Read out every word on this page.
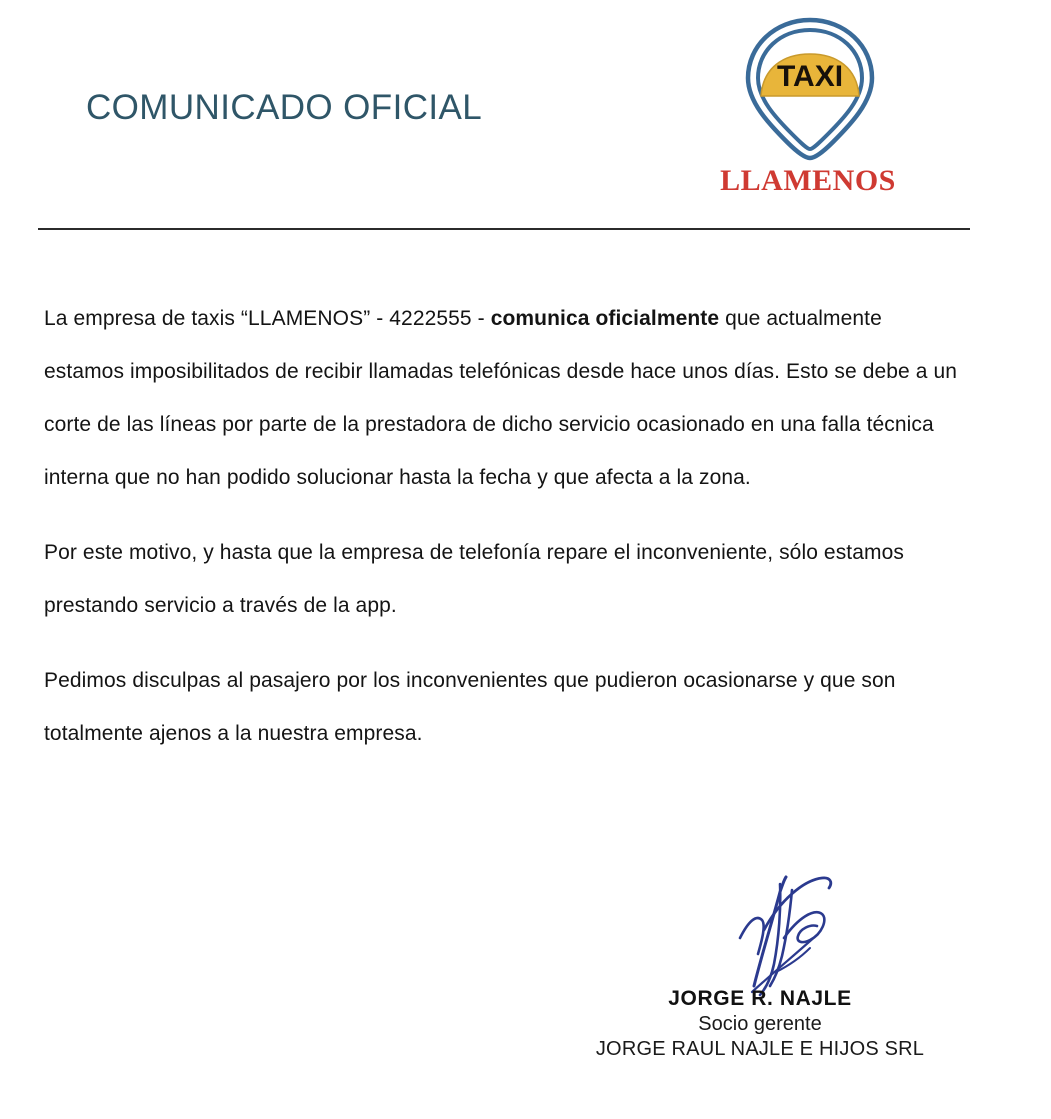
COMUNICADO OFICIAL
TAXI
LLAMENOS

La empresa de taxis “LLAMENOS” - 4222555 - comunica oficialmente que actualmente estamos imposibilitados de recibir llamadas telefónicas desde hace unos días. Esto se debe a un corte de las líneas por parte de la prestadora de dicho servicio ocasionado en una falla técnica interna que no han podido solucionar hasta la fecha y que afecta a la zona.

Por este motivo, y hasta que la empresa de telefonía repare el inconveniente, sólo estamos prestando servicio a través de la app.

Pedimos disculpas al pasajero por los inconvenientes que pudieron ocasionarse y que son totalmente ajenos a la nuestra empresa.

JORGE R. NAJLE
Socio gerente
JORGE RAUL NAJLE E HIJOS SRL
